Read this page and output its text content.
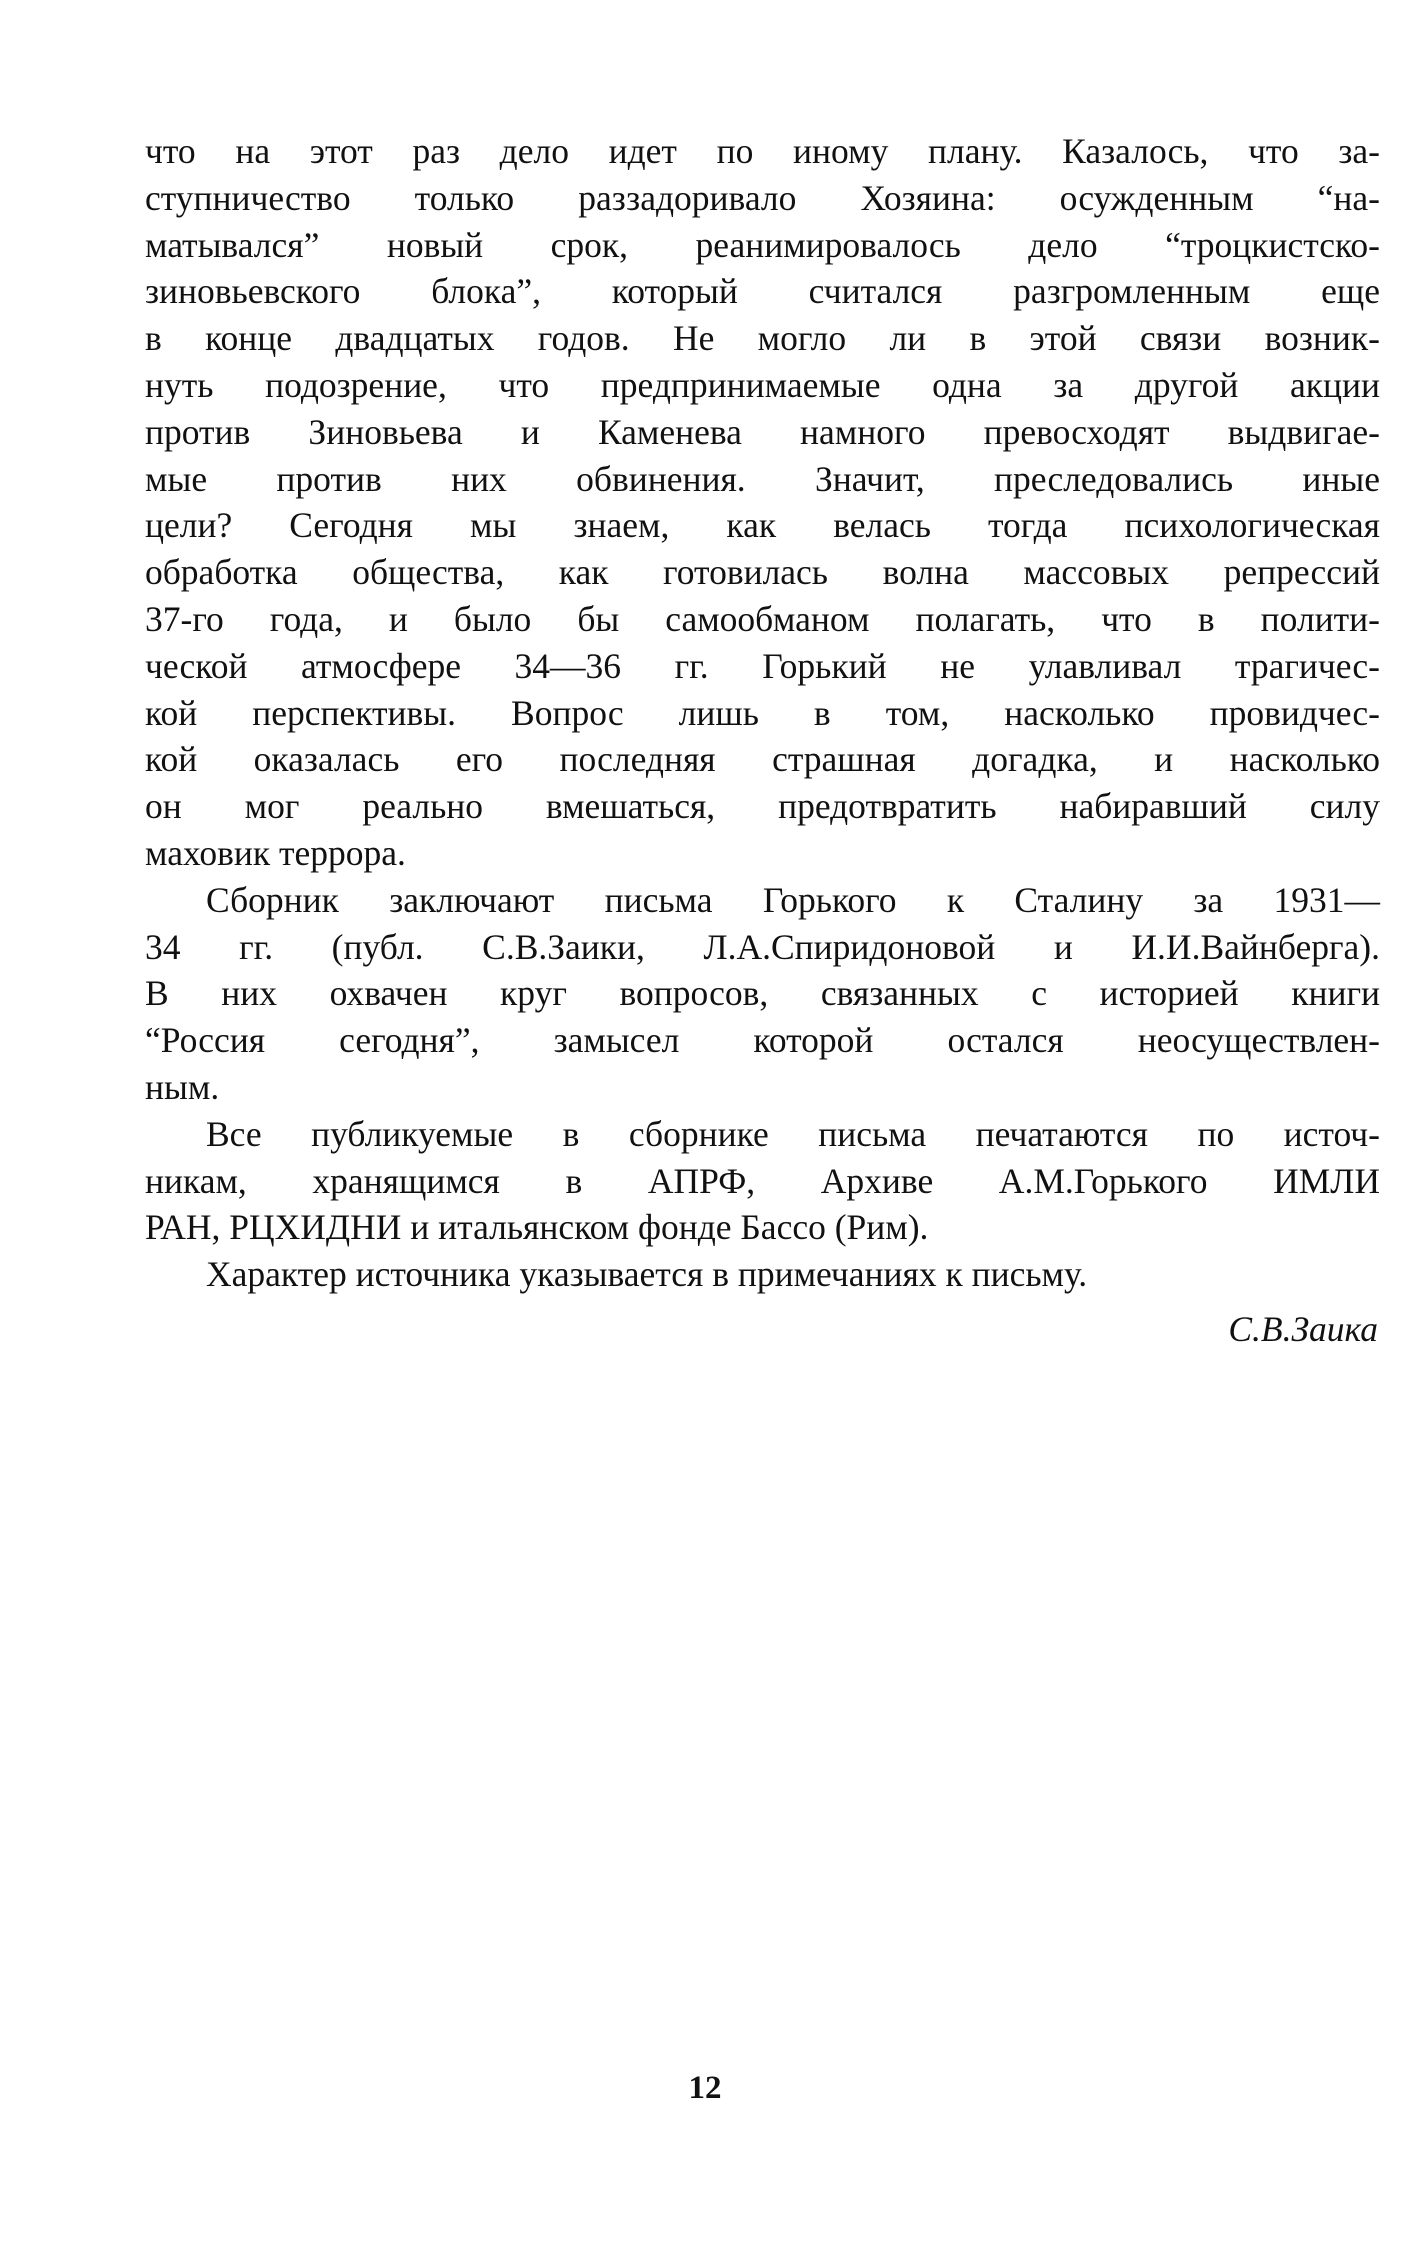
что на этот раз дело идет по иному плану. Казалось, что за-
ступничество только раззадоривало Хозяина: осужденным “на-
матывался” новый срок, реанимировалось дело “троцкистско-
зиновьевского блока”, который считался разгромленным еще
в конце двадцатых годов. Не могло ли в этой связи возник-
нуть подозрение, что предпринимаемые одна за другой акции
против Зиновьева и Каменева намного превосходят выдвигае-
мые против них обвинения. Значит, преследовались иные
цели? Сегодня мы знаем, как велась тогда психологическая
обработка общества, как готовилась волна массовых репрессий
37-го года, и было бы самообманом полагать, что в полити-
ческой атмосфере 34—36 гг. Горький не улавливал трагичес-
кой перспективы. Вопрос лишь в том, насколько провидчес-
кой оказалась его последняя страшная догадка, и насколько
он мог реально вмешаться, предотвратить набиравший силу
маховик террора.

Сборник заключают письма Горького к Сталину за 1931—
34 гг. (публ. С.В.Заики, Л.А.Спиридоновой и И.И.Вайнберга).
В них охвачен круг вопросов, связанных с историей книги
“Россия сегодня”, замысел которой остался неосуществлен-
ным.

Все публикуемые в сборнике письма печатаются по источ-
никам, хранящимся в АПРФ, Архиве А.М.Горького ИМЛИ
РАН, РЦХИДНИ и итальянском фонде Бассо (Рим).

Характер источника указывается в примечаниях к письму.

С.В.Заика

12
